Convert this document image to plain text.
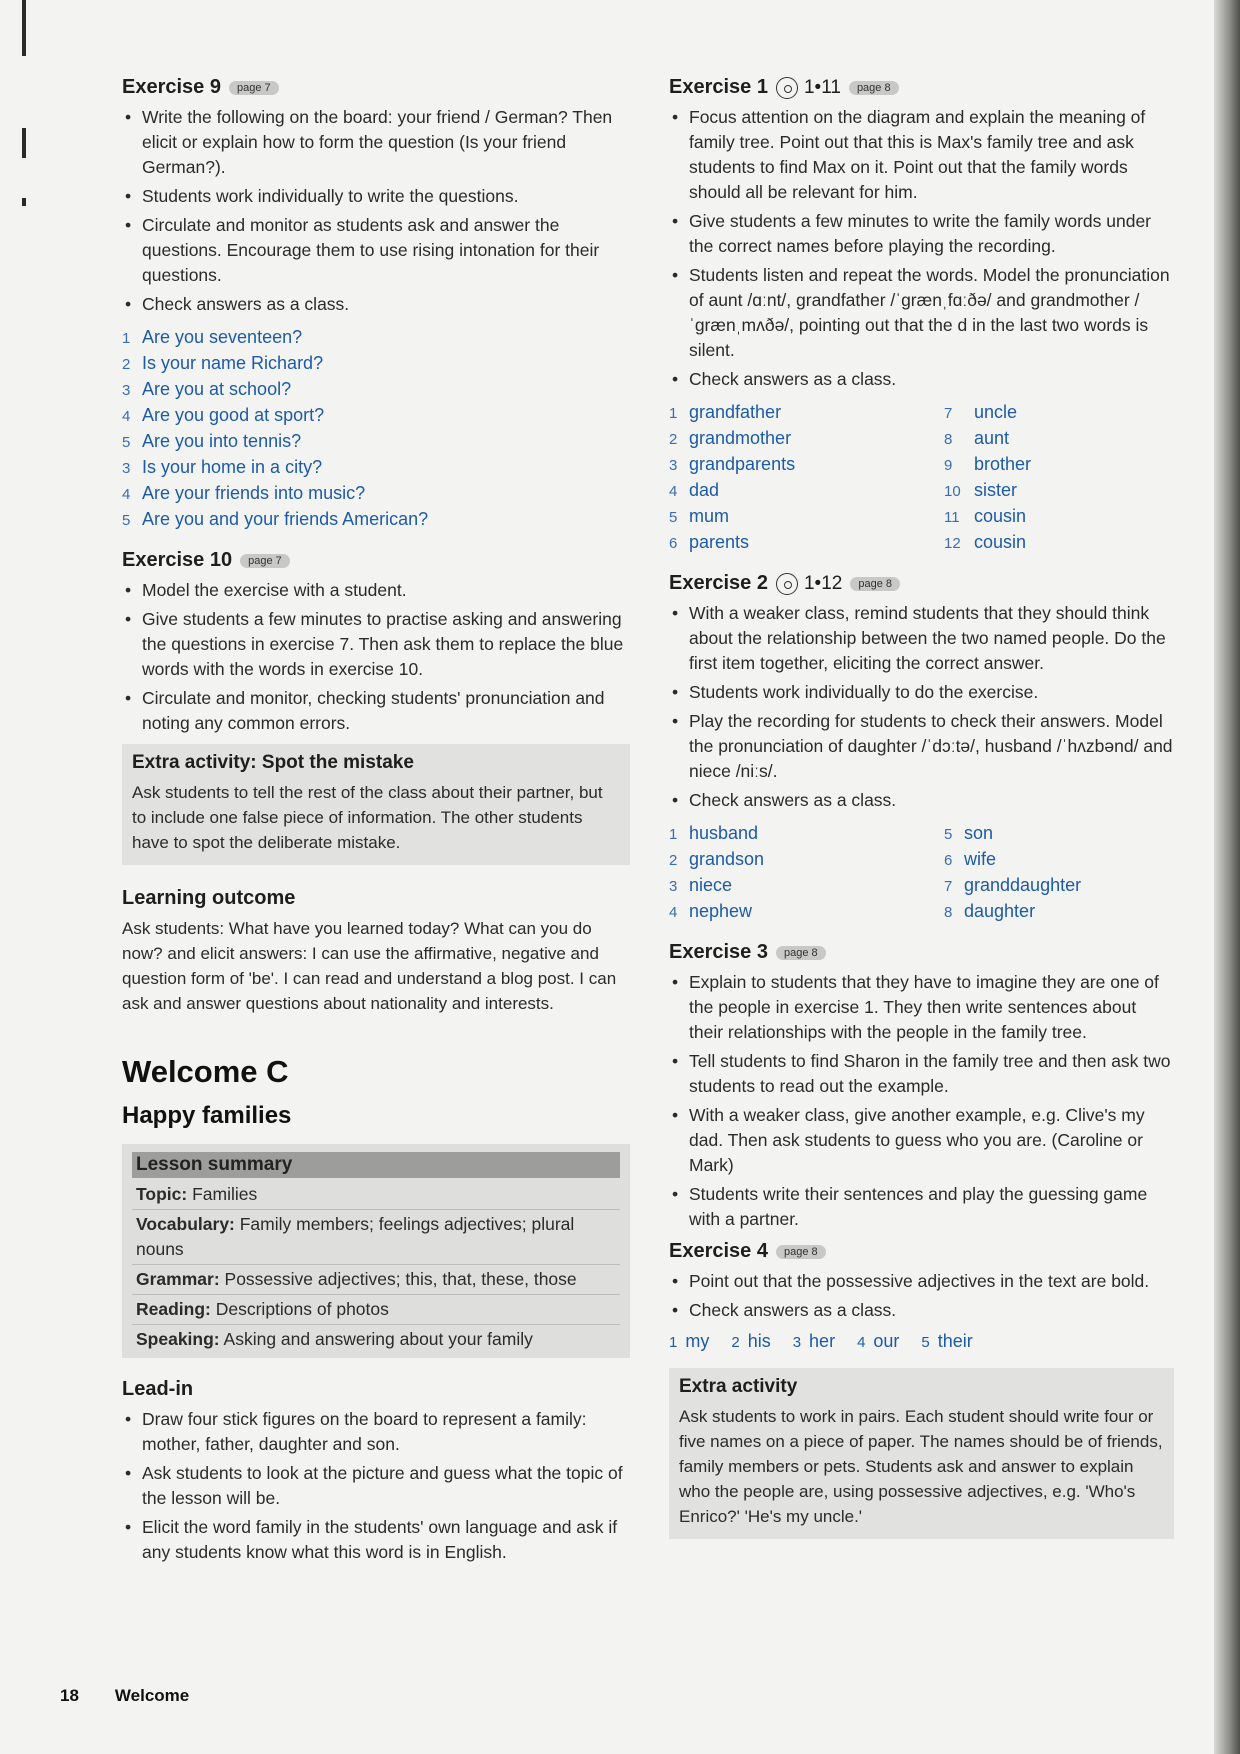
Exercise 9	page 7
• Write the following on the board: your friend / German? Then elicit or explain how to form the question (Is your friend German?).
• Students work individually to write the questions.
• Circulate and monitor as students ask and answer the questions. Encourage them to use rising intonation for their questions.
• Check answers as a class.
1 Are you seventeen?
2 Is your name Richard?
3 Are you at school?
4 Are you good at sport?
5 Are you into tennis?
3 Is your home in a city?
4 Are your friends into music?
5 Are you and your friends American?
Exercise 10	page 7
• Model the exercise with a student.
• Give students a few minutes to practise asking and answering the questions in exercise 7. Then ask them to replace the blue words with the words in exercise 10.
• Circulate and monitor, checking students' pronunciation and noting any common errors.
Extra activity: Spot the mistake

Ask students to tell the rest of the class about their partner, but to include one false piece of information. The other students have to spot the deliberate mistake.

Learning outcome

Ask students: What have you learned today? What can you do now? and elicit answers: I can use the affirmative, negative and question form of 'be'. I can read and understand a blog post. I can ask and answer questions about nationality and interests.

Welcome C
Happy families
Lesson summary
Topic: Families
Vocabulary: Family members; feelings adjectives; plural nouns
Grammar: Possessive adjectives; this, that, these, those
Reading: Descriptions of photos
Speaking: Asking and answering about your family
Lead-in
• Draw four stick figures on the board to represent a family: mother, father, daughter and son.
• Ask students to look at the picture and guess what the topic of the lesson will be.
• Elicit the word family in the students' own language and ask if any students know what this word is in English.
Exercise 1 1•11	page 8
• Focus attention on the diagram and explain the meaning of family tree. Point out that this is Max's family tree and ask students to find Max on it. Point out that the family words should all be relevant for him.
• Give students a few minutes to write the family words under the correct names before playing the recording.
• Students listen and repeat the words. Model the pronunciation of aunt /ɑːnt/, grandfather /ˈɡrænˌfɑːðə/ and grandmother /ˈɡrænˌmʌðə/, pointing out that the d in the last two words is silent.
• Check answers as a class.
1 grandfather
2 grandmother
3 grandparents
4 dad
5 mum
6 parents
7 uncle
8 aunt
9 brother
10 sister
11 cousin
12 cousin
Exercise 2 1•12	page 8
• With a weaker class, remind students that they should think about the relationship between the two named people. Do the first item together, eliciting the correct answer.
• Students work individually to do the exercise.
• Play the recording for students to check their answers. Model the pronunciation of daughter /ˈdɔːtə/, husband /ˈhʌzbənd/ and niece /niːs/.
• Check answers as a class.
1 husband
2 grandson
3 niece
4 nephew
5 son
6 wife
7 granddaughter
8 daughter
Exercise 3	page 8
• Explain to students that they have to imagine they are one of the people in exercise 1. They then write sentences about their relationships with the people in the family tree.
• Tell students to find Sharon in the family tree and then ask two students to read out the example.
• With a weaker class, give another example, e.g. Clive's my dad. Then ask students to guess who you are. (Caroline or Mark)
• Students write their sentences and play the guessing game with a partner.
Exercise 4	page 8
• Point out that the possessive adjectives in the text are bold.
• Check answers as a class.
1 my 2 his 3 her 4 our 5 their
Extra activity

Ask students to work in pairs. Each student should write four or five names on a piece of paper. The names should be of friends, family members or pets. Students ask and answer to explain who the people are, using possessive adjectives, e.g. 'Who's Enrico?' 'He's my uncle.'

18 Welcome
